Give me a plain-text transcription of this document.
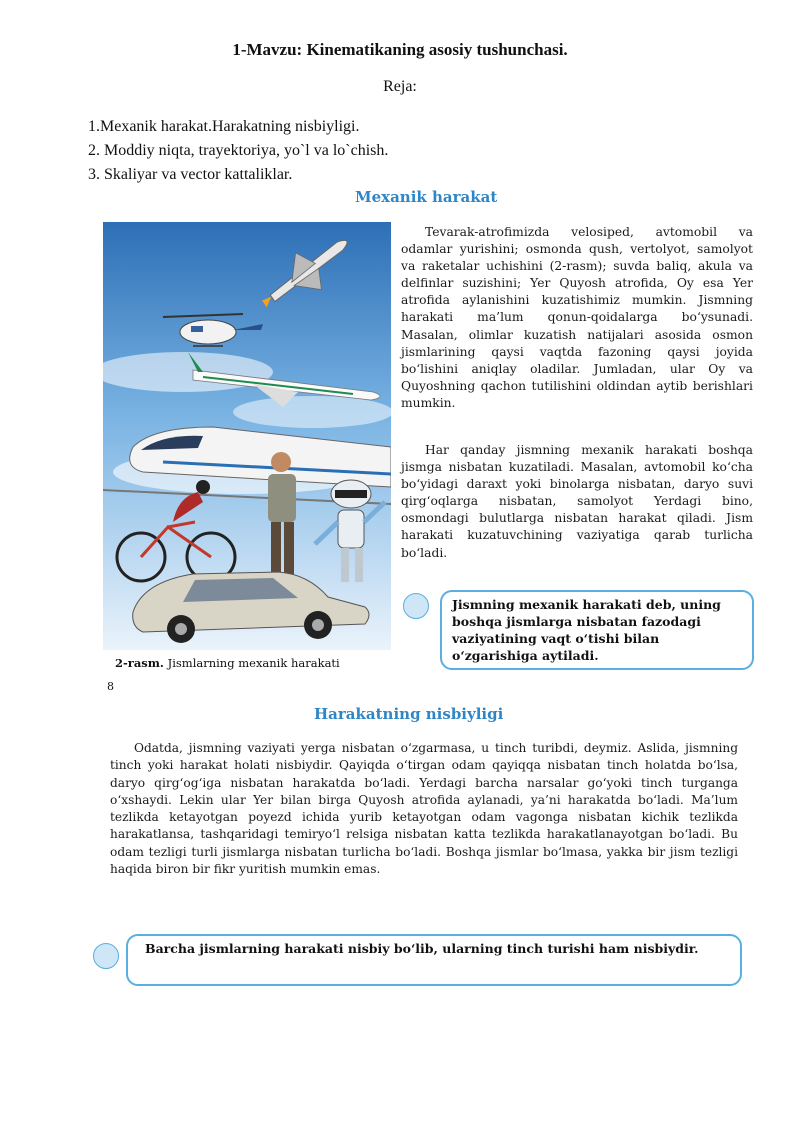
1-Mavzu: Kinematikaning asosiy tushunchasi.
Reja:
1.Mexanik harakat.Harakatning nisbiyligi.
2. Moddiy niqta, trayektoriya, yo`l va lo`chish.
3. Skaliyar va vector kattaliklar.
Mexanik harakat
2-rasm. Jismlarning mexanik harakati
8
Tevarak-atrofimizda velosiped, avtomobil va odamlar yurishini; osmonda qush, vertolyot, samolyot va raketalar uchishini (2-rasm); suvda baliq, akula va delfinlar suzishini; Yer Quyosh atrofida, Oy esa Yer atrofida aylanishini kuzatishimiz mumkin. Jismning harakati ma’lum qonun-qoidalarga bo‘ysunadi. Masalan, olimlar kuzatish natijalari asosida osmon jismlarining qaysi vaqtda fazoning qaysi joyida bo‘lishini aniqlay oladilar. Jumladan, ular Oy va Quyoshning qachon tutilishini oldindan aytib berishlari mumkin.
Har qanday jismning mexanik harakati boshqa jismga nisbatan kuzatiladi. Masalan, avtomobil ko‘cha bo‘yidagi daraxt yoki binolarga nisbatan, daryo suvi qirg‘oqlarga nisbatan, samolyot Yerdagi bino, osmondagi bulutlarga nisbatan harakat qiladi. Jism harakati kuzatuvchining vaziyatiga qarab turlicha bo‘ladi.
Jismning mexanik harakati deb, uning boshqa jismlarga nisbatan fazodagi vaziyatining vaqt o‘tishi bilan o‘zgarishiga aytiladi.
Harakatning nisbiyligi
Odatda, jismning vaziyati yerga nisbatan o‘zgarmasa, u tinch turibdi, deymiz. Aslida, jismning tinch yoki harakat holati nisbiydir. Qayiqda o‘tirgan odam qayiqqa nisbatan tinch holatda bo‘lsa, daryo qirg‘og‘iga nisbatan harakatda bo‘ladi. Yerdagi barcha narsalar go‘yoki tinch turganga o‘xshaydi. Lekin ular Yer bilan birga Quyosh atrofida aylanadi, ya’ni harakatda bo‘ladi. Ma’lum tezlikda ketayotgan poyezd ichida yurib ketayotgan odam vagonga nisbatan kichik tezlikda harakatlansa, tashqaridagi temiryo‘l relsiga nisbatan katta tezlikda harakatlanayotgan bo‘ladi. Bu odam tezligi turli jismlarga nisbatan turlicha bo‘ladi. Boshqa jismlar bo‘lmasa, yakka bir jism tezligi haqida biron bir fikr yuritish mumkin emas.
Barcha jismlarning harakati nisbiy bo‘lib, ularning tinch turishi ham nisbiydir.
